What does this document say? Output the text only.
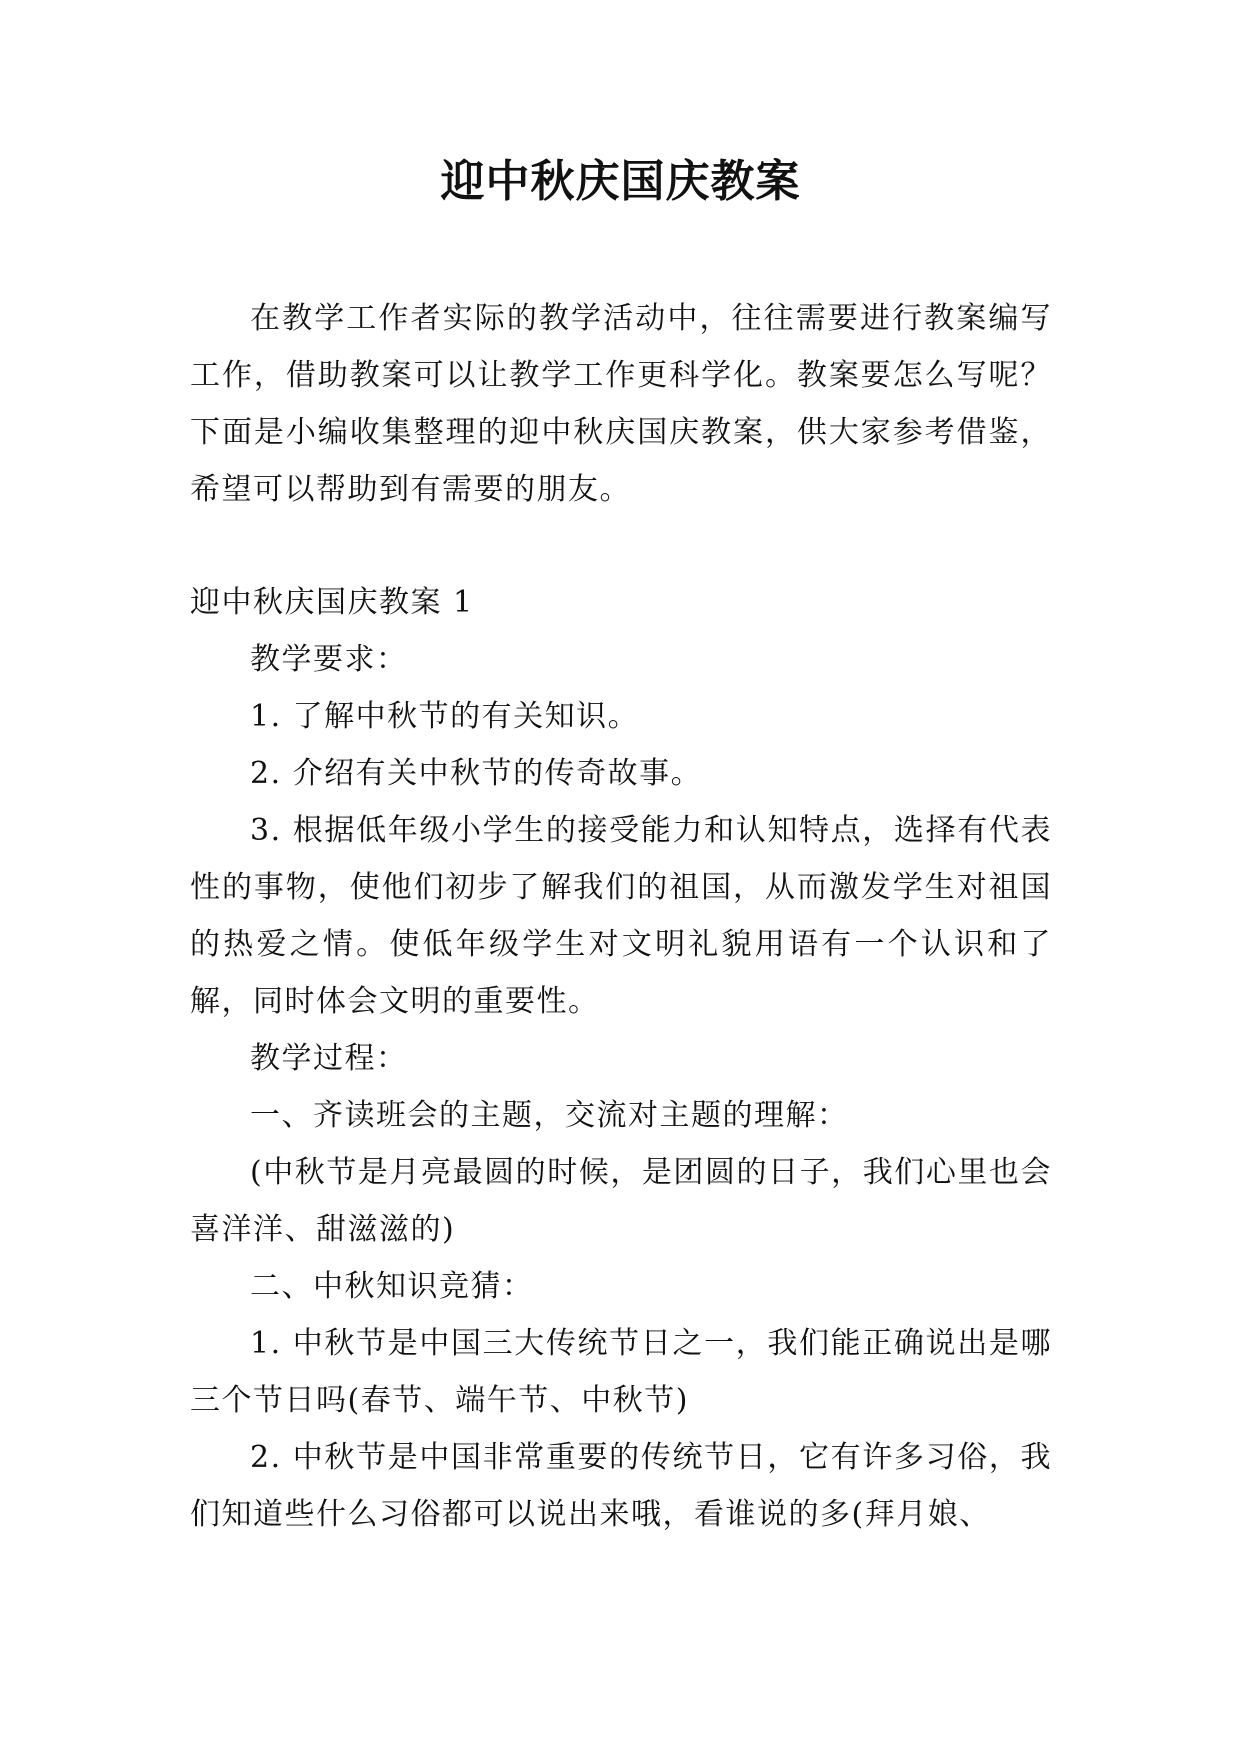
迎中秋庆国庆教案

在教学工作者实际的教学活动中，往往需要进行教案编写工作，借助教案可以让教学工作更科学化。教案要怎么写呢？下面是小编收集整理的迎中秋庆国庆教案，供大家参考借鉴，希望可以帮助到有需要的朋友。

迎中秋庆国庆教案 1

教学要求：

1. 了解中秋节的有关知识。

2. 介绍有关中秋节的传奇故事。

3. 根据低年级小学生的接受能力和认知特点，选择有代表性的事物，使他们初步了解我们的祖国，从而激发学生对祖国的热爱之情。使低年级学生对文明礼貌用语有一个认识和了解，同时体会文明的重要性。

教学过程：

一、齐读班会的主题，交流对主题的理解：

(中秋节是月亮最圆的时候，是团圆的日子，我们心里也会喜洋洋、甜滋滋的)

二、中秋知识竞猜：

1. 中秋节是中国三大传统节日之一，我们能正确说出是哪三个节日吗(春节、端午节、中秋节)

2. 中秋节是中国非常重要的传统节日，它有许多习俗，我们知道些什么习俗都可以说出来哦，看谁说的多(拜月娘、
